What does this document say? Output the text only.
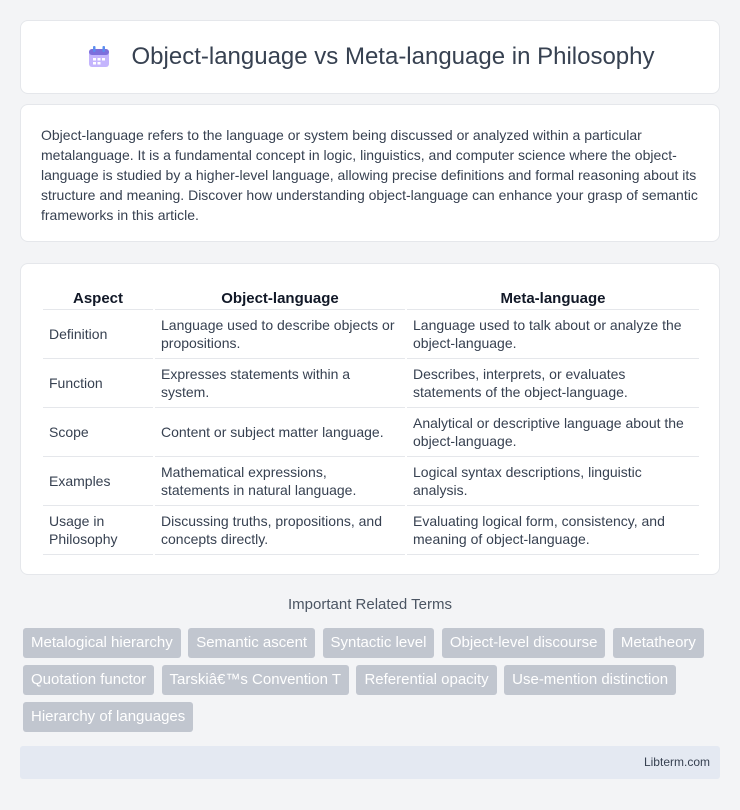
Object-language vs Meta-language in Philosophy

Object-language refers to the language or system being discussed or analyzed within a particular metalanguage. It is a fundamental concept in logic, linguistics, and computer science where the object-language is studied by a higher-level language, allowing precise definitions and formal reasoning about its structure and meaning. Discover how understanding object-language can enhance your grasp of semantic frameworks in this article.

Aspect	Object-language	Meta-language
Definition	Language used to describe objects or propositions.	Language used to talk about or analyze the object-language.
Function	Expresses statements within a system.	Describes, interprets, or evaluates statements of the object-language.
Scope	Content or subject matter language.	Analytical or descriptive language about the object-language.
Examples	Mathematical expressions, statements in natural language.	Logical syntax descriptions, linguistic analysis.
Usage in Philosophy	Discussing truths, propositions, and concepts directly.	Evaluating logical form, consistency, and meaning of object-language.
Important Related Terms
Metalogical hierarchy Semantic ascent Syntactic level Object-level discourse Metatheory Quotation functor Tarskiâ€™s Convention T Referential opacity Use-mention distinction Hierarchy of languages
Libterm.com
